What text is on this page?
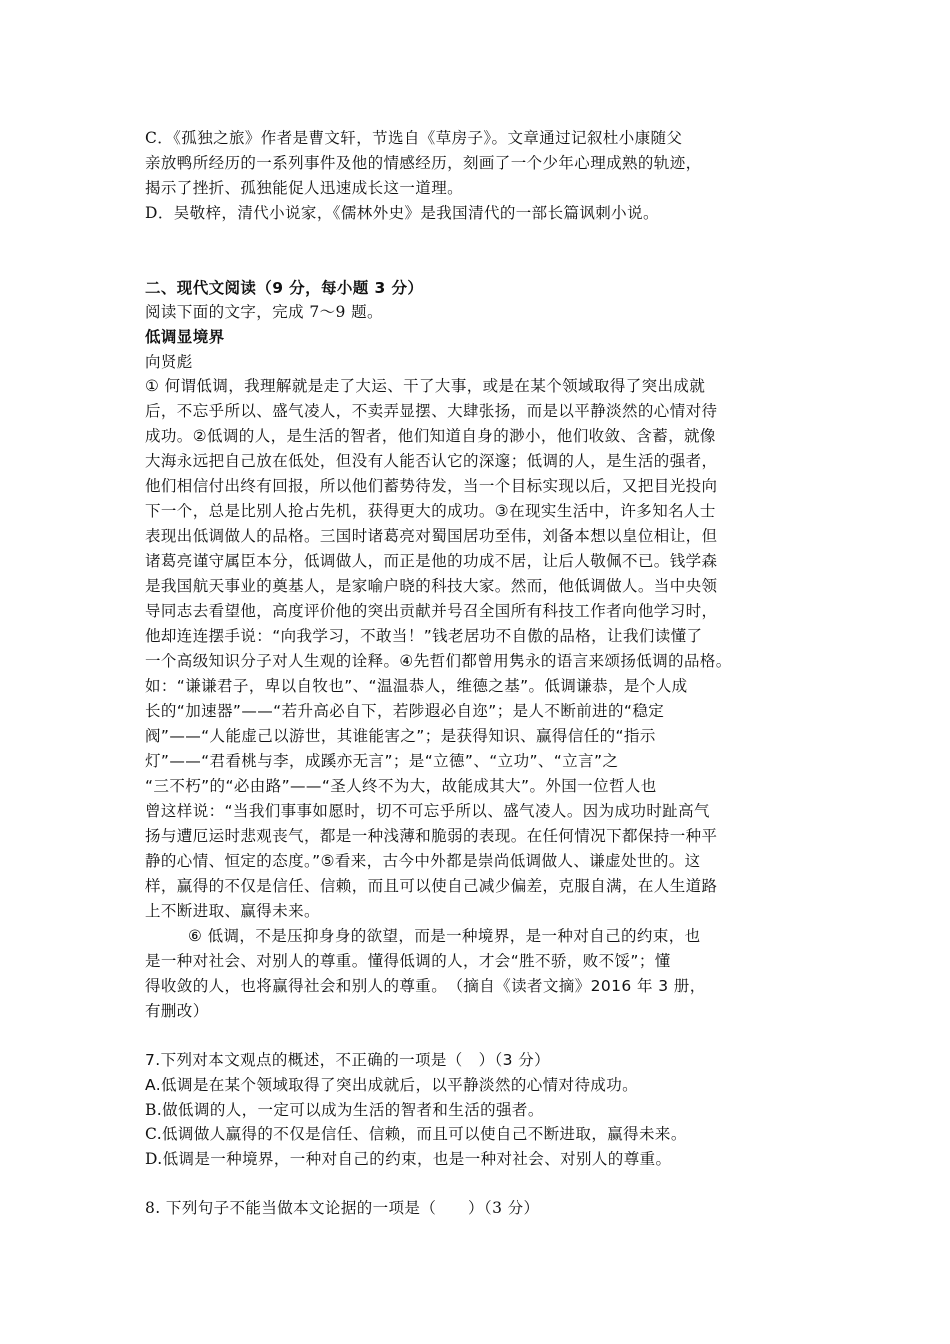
C．《孤独之旅》作者是曹文轩，节选自《草房子》。文章通过记叙杜小康随父
亲放鸭所经历的一系列事件及他的情感经历，刻画了一个少年心理成熟的轨迹，
揭示了挫折、孤独能促人迅速成长这一道理。
D．吴敬梓，清代小说家，《儒林外史》是我国清代的一部长篇讽刺小说。
二、现代文阅读（9 分，每小题 3 分）
阅读下面的文字，完成 7～9 题。
低调显境界
向贤彪
① 何谓低调，我理解就是走了大运、干了大事，或是在某个领域取得了突出成就
后，不忘乎所以、盛气凌人，不卖弄显摆、大肆张扬，而是以平静淡然的心情对待
成功。②低调的人，是生活的智者，他们知道自身的渺小，他们收敛、含蓄，就像
大海永远把自己放在低处，但没有人能否认它的深邃；低调的人，是生活的强者，
他们相信付出终有回报，所以他们蓄势待发，当一个目标实现以后，又把目光投向
下一个，总是比别人抢占先机，获得更大的成功。③在现实生活中，许多知名人士
表现出低调做人的品格。三国时诸葛亮对蜀国居功至伟，刘备本想以皇位相让，但
诸葛亮谨守属臣本分，低调做人，而正是他的功成不居，让后人敬佩不已。钱学森
是我国航天事业的奠基人，是家喻户晓的科技大家。然而，他低调做人。当中央领
导同志去看望他，高度评价他的突出贡献并号召全国所有科技工作者向他学习时，
他却连连摆手说：“向我学习，不敢当！”钱老居功不自傲的品格，让我们读懂了
一个高级知识分子对人生观的诠释。④先哲们都曾用隽永的语言来颂扬低调的品格。
如：“谦谦君子，卑以自牧也”、“温温恭人，维德之基”。低调谦恭，是个人成
长的“加速器”——“若升高必自下，若陟遐必自迩”；是人不断前进的“稳定
阀”——“人能虚己以游世，其谁能害之”；是获得知识、赢得信任的“指示
灯”——“君看桃与李，成蹊亦无言”；是“立德”、“立功”、“立言”之
“三不朽”的“必由路”——“圣人终不为大，故能成其大”。外国一位哲人也
曾这样说：“当我们事事如愿时，切不可忘乎所以、盛气凌人。因为成功时趾高气
扬与遭厄运时悲观丧气，都是一种浅薄和脆弱的表现。在任何情况下都保持一种平
静的心情、恒定的态度。”⑤看来，古今中外都是崇尚低调做人、谦虚处世的。这
样，赢得的不仅是信任、信赖，而且可以使自己减少偏差，克服自满，在人生道路
上不断进取、赢得未来。
⑥ 低调，不是压抑身身的欲望，而是一种境界，是一种对自己的约束，也
是一种对社会、对别人的尊重。懂得低调的人，才会“胜不骄，败不馁”；懂
得收敛的人，也将赢得社会和别人的尊重。　（摘自《读者文摘》2016 年 3 册，
有删改）
7.下列对本文观点的概述，不正确的一项是（　）（3 分）
A.低调是在某个领域取得了突出成就后，以平静淡然的心情对待成功。
B.做低调的人，一定可以成为生活的智者和生活的强者。
C.低调做人赢得的不仅是信任、信赖，而且可以使自己不断进取，赢得未来。
D.低调是一种境界，一种对自己的约束，也是一种对社会、对别人的尊重。
8. 下列句子不能当做本文论据的一项是（　　）（3 分）
